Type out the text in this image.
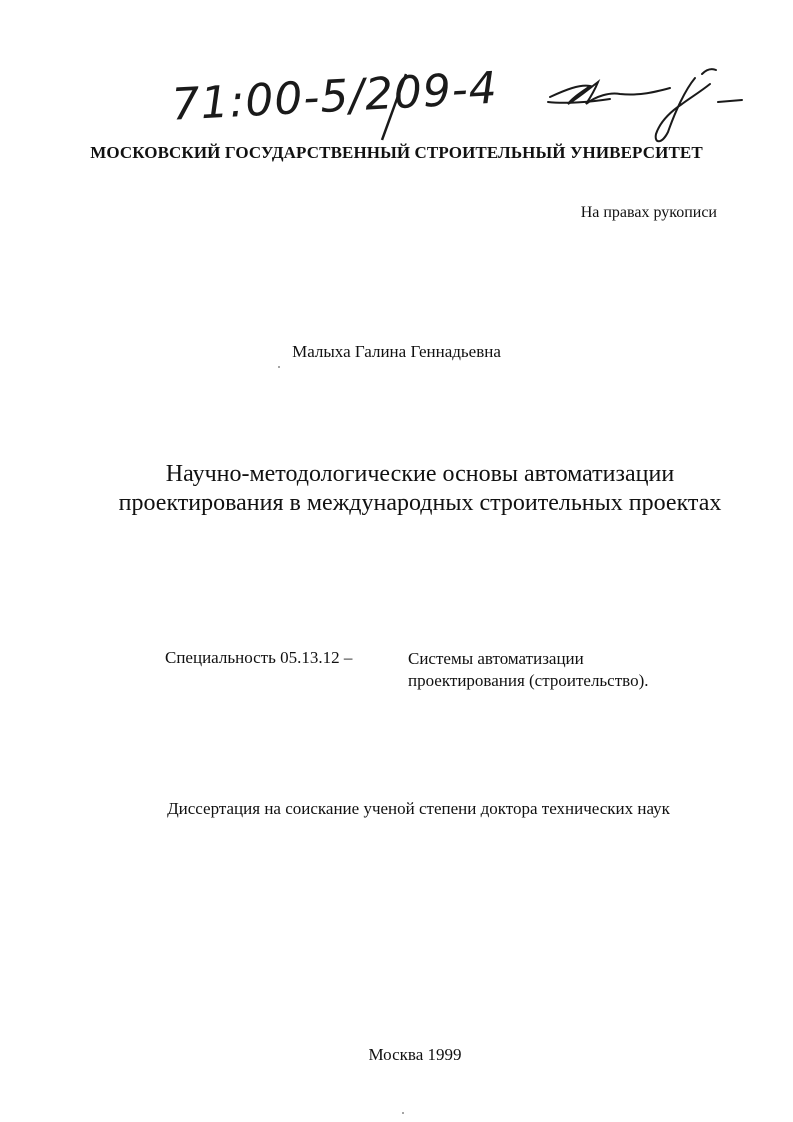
71:00-5/209-4
МОСКОВСКИЙ ГОСУДАРСТВЕННЫЙ СТРОИТЕЛЬНЫЙ УНИВЕРСИТЕТ
На правах рукописи
Малыха Галина Геннадьевна
Научно-методологические основы автоматизации проектирования в международных строительных проектах
Специальность 05.13.12 –	Системы автоматизации
проектирования (строительство).
Диссертация на соискание ученой степени доктора технических наук
Москва 1999
